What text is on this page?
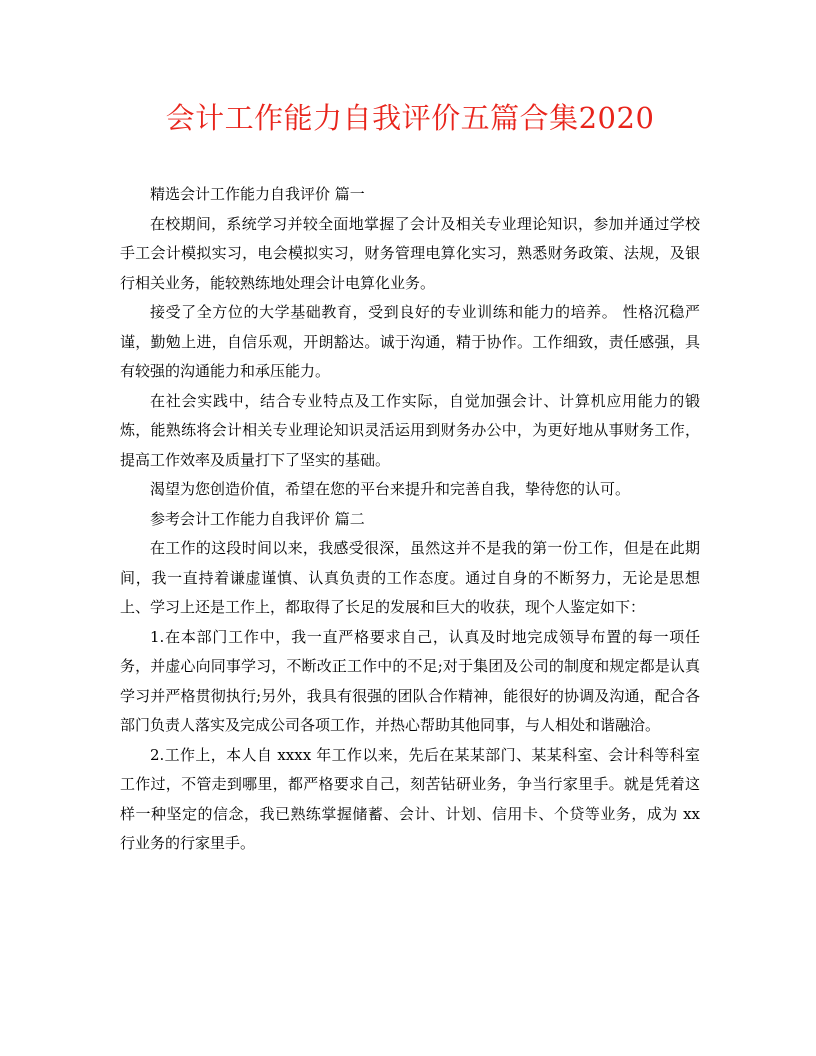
会计工作能力自我评价五篇合集2020

精选会计工作能力自我评价 篇一

在校期间，系统学习并较全面地掌握了会计及相关专业理论知识，参加并通过学校手工会计模拟实习，电会模拟实习，财务管理电算化实习，熟悉财务政策、法规，及银行相关业务，能较熟练地处理会计电算化业务。

接受了全方位的大学基础教育，受到良好的专业训练和能力的培养。 性格沉稳严谨，勤勉上进，自信乐观，开朗豁达。诚于沟通，精于协作。工作细致，责任感强，具有较强的沟通能力和承压能力。

在社会实践中，结合专业特点及工作实际，自觉加强会计、计算机应用能力的锻炼，能熟练将会计相关专业理论知识灵活运用到财务办公中，为更好地从事财务工作，提高工作效率及质量打下了坚实的基础。

渴望为您创造价值，希望在您的平台来提升和完善自我，挚待您的认可。

参考会计工作能力自我评价 篇二

在工作的这段时间以来，我感受很深，虽然这并不是我的第一份工作，但是在此期间，我一直持着谦虚谨慎、认真负责的工作态度。通过自身的不断努力，无论是思想上、学习上还是工作上，都取得了长足的发展和巨大的收获，现个人鉴定如下：

1.在本部门工作中，我一直严格要求自己，认真及时地完成领导布置的每一项任务，并虚心向同事学习，不断改正工作中的不足;对于集团及公司的制度和规定都是认真学习并严格贯彻执行;另外，我具有很强的团队合作精神，能很好的协调及沟通，配合各部门负责人落实及完成公司各项工作，并热心帮助其他同事，与人相处和谐融洽。

2.工作上，本人自 xxxx 年工作以来，先后在某某部门、某某科室、会计科等科室工作过，不管走到哪里，都严格要求自己，刻苦钻研业务，争当行家里手。就是凭着这样一种坚定的信念，我已熟练掌握储蓄、会计、计划、信用卡、个贷等业务，成为 xx 行业务的行家里手。
